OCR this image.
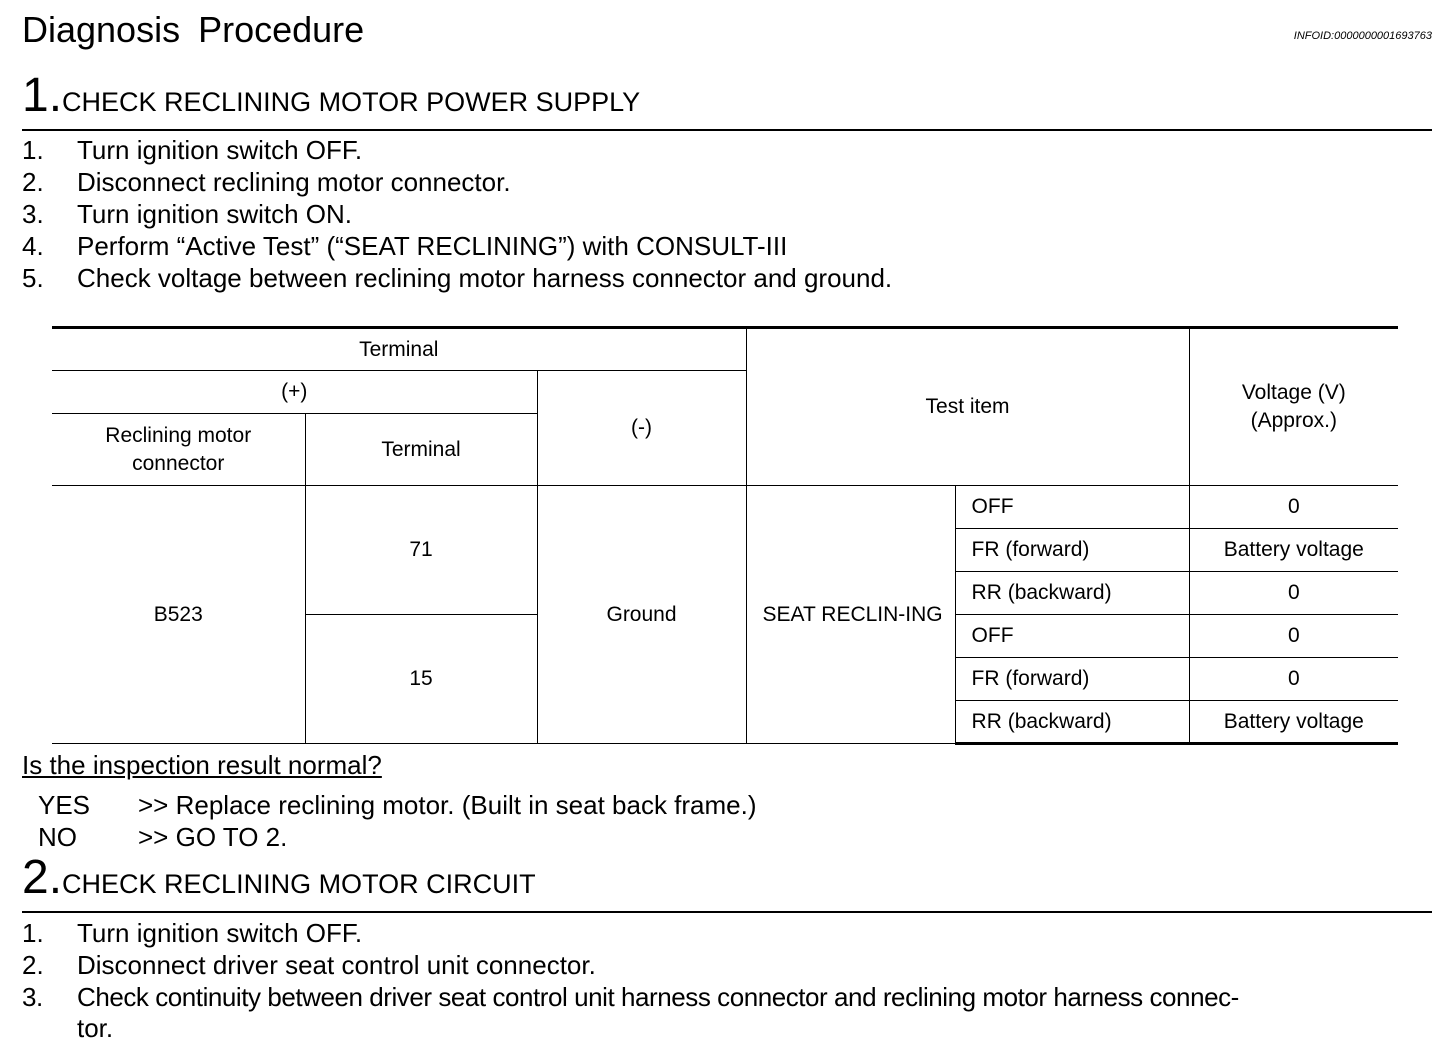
Diagnosis Procedure	INFOID:0000000001693763
1.CHECK RECLINING MOTOR POWER SUPPLY
1. Turn ignition switch OFF.
2. Disconnect reclining motor connector.
3. Turn ignition switch ON.
4. Perform “Active Test” (“SEAT RECLINING”) with CONSULT-III
5. Check voltage between reclining motor harness connector and ground.
Terminal			Test item		Voltage (V) (Approx.)
(+)		(-)			
Reclining motor connector	Terminal				
B523	71	Ground	SEAT RECLIN-ING	OFF	0
				FR (forward)	Battery voltage
				RR (backward)	0
	15			OFF	0
				FR (forward)	0
				RR (backward)	Battery voltage
Is the inspection result normal?
YES >> Replace reclining motor. (Built in seat back frame.)
NO >> GO TO 2.
2.CHECK RECLINING MOTOR CIRCUIT
1. Turn ignition switch OFF.
2. Disconnect driver seat control unit connector.
3. Check continuity between driver seat control unit harness connector and reclining motor harness connec-
tor.
